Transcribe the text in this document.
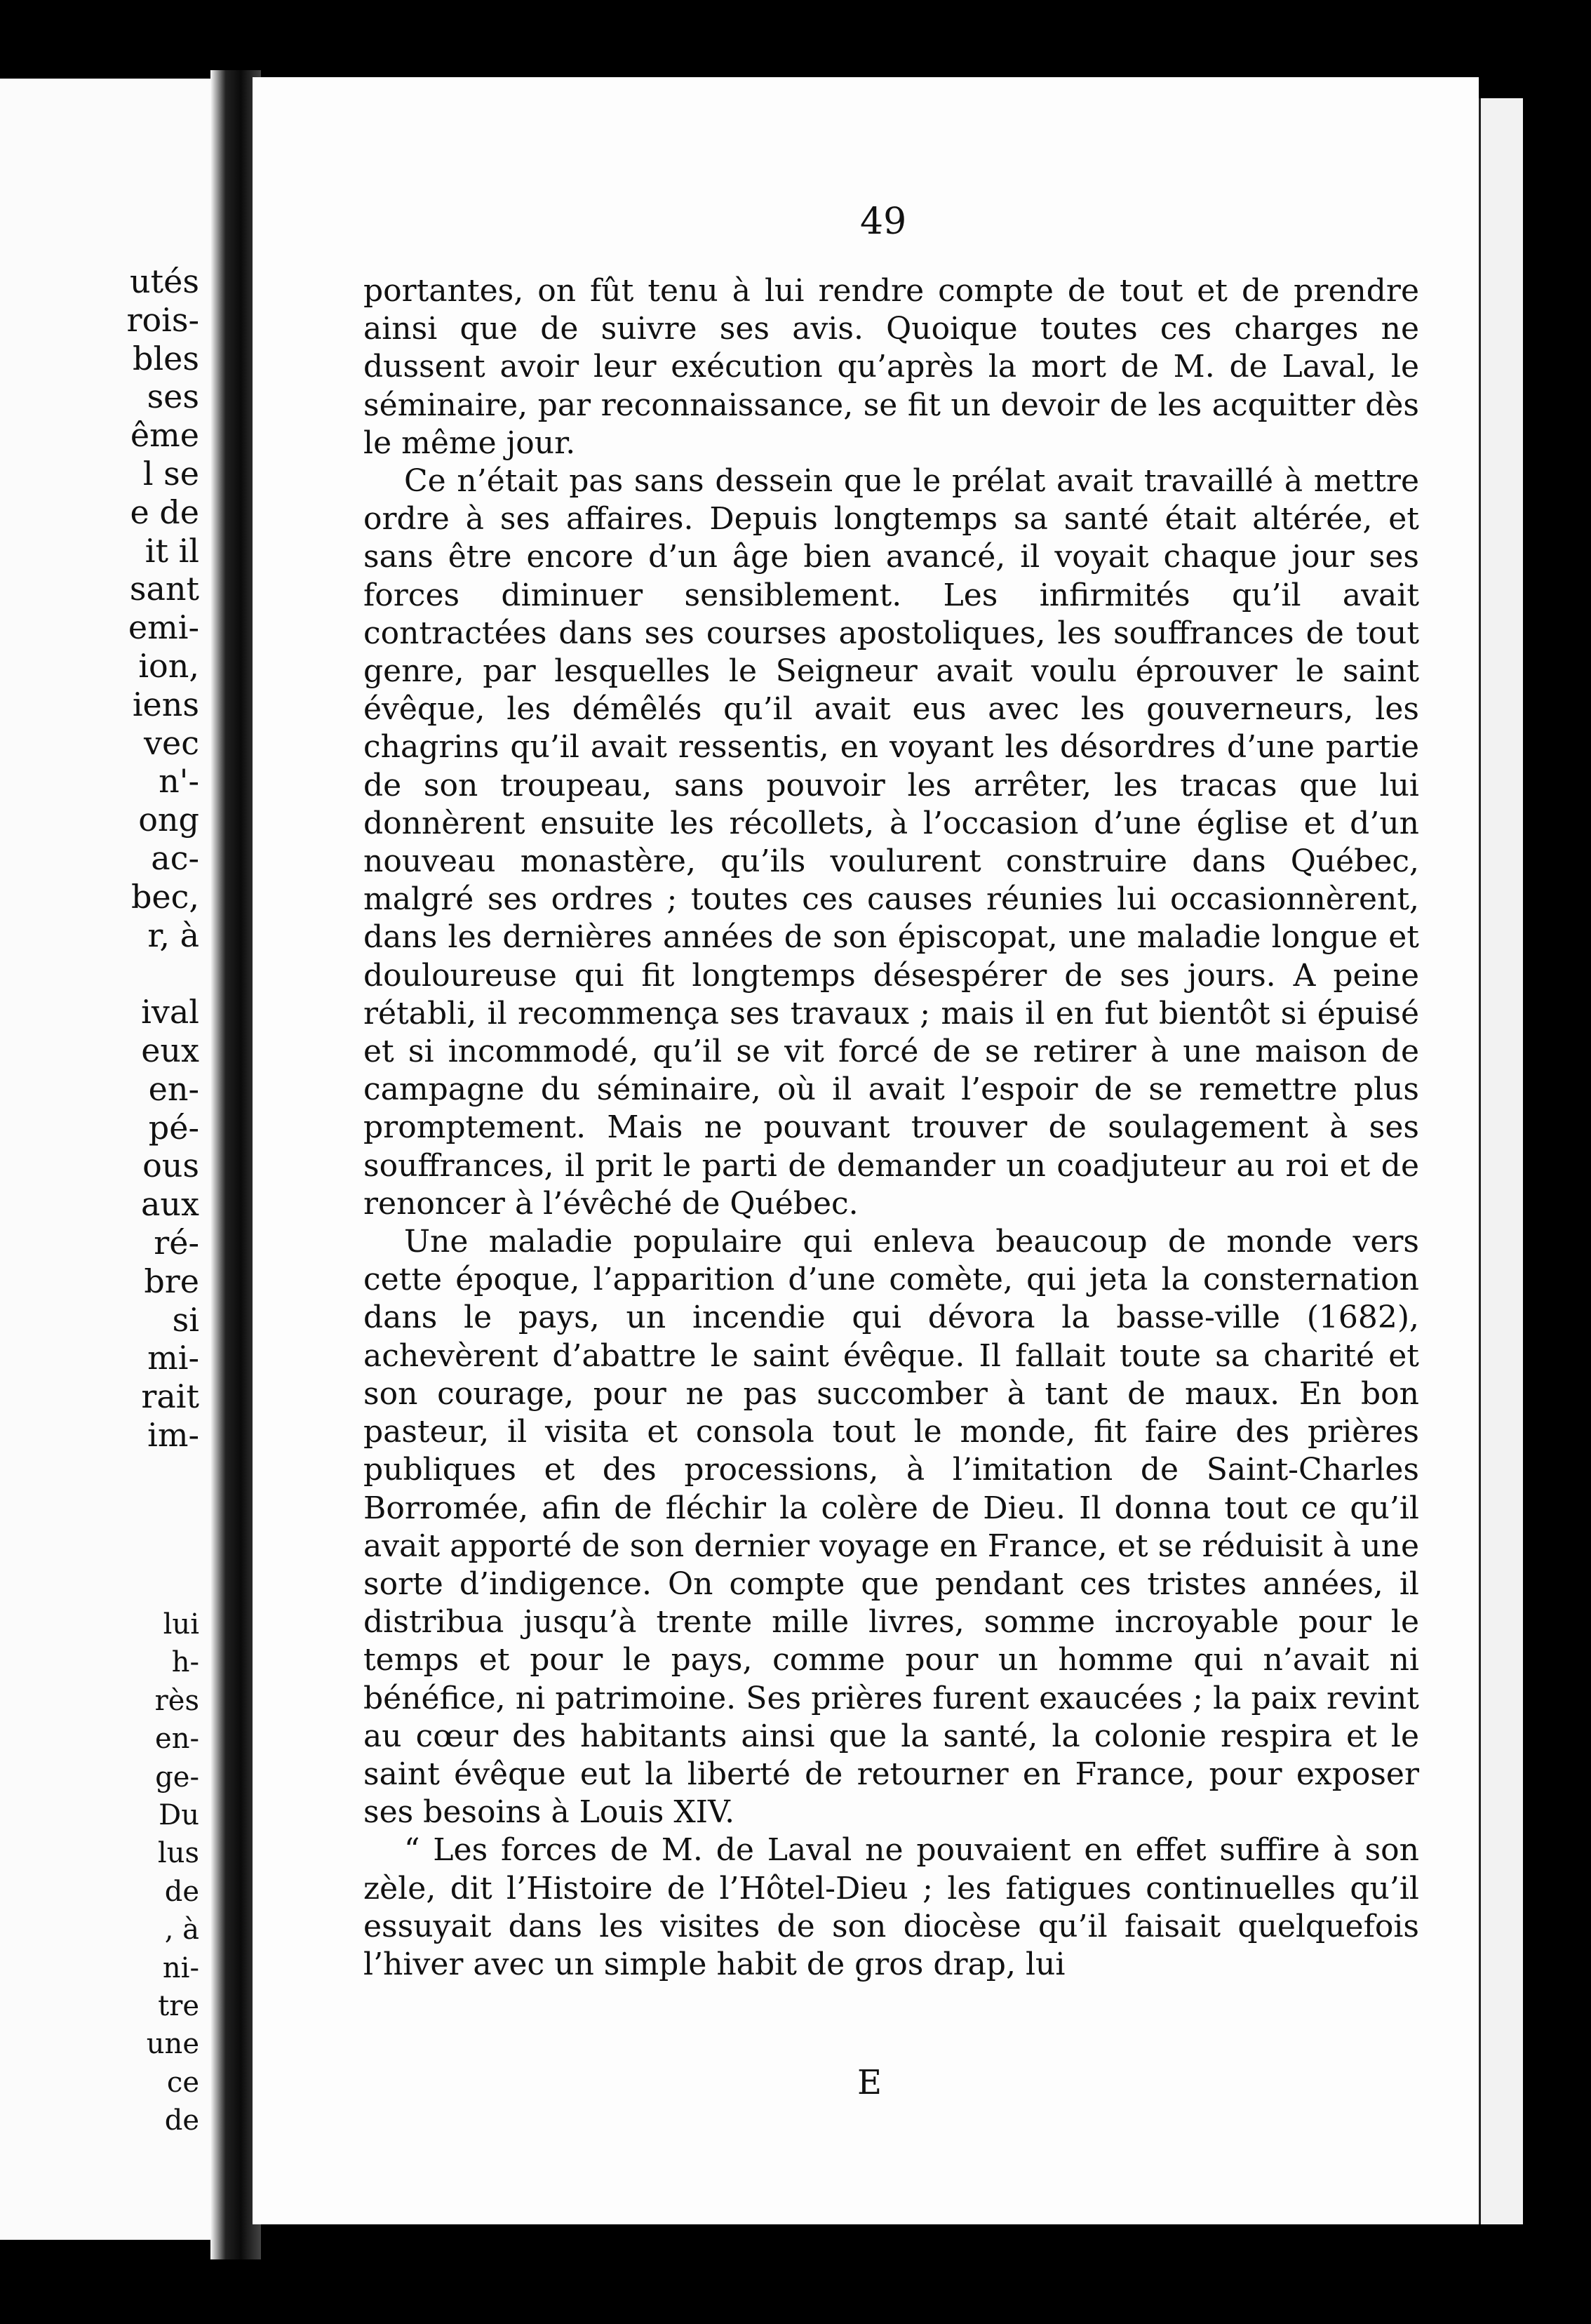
utés
rois-
bles
ses
ême
l se
e de
it il
sant
emi-
ion,
iens
vec
n'-
ong
ac-
bec,
r, à

ival
eux
en-
pé-
ous
aux
ré-
bre
si
mi-
rait
im-
lui
h-
rès
en-
ge-
Du
lus
de
, à
ni-
tre
une
ce
de
49

portantes, on fût tenu à lui rendre compte de tout et de prendre ainsi que de suivre ses avis. Quoique toutes ces charges ne dussent avoir leur exécution qu’après la mort de M. de Laval, le séminaire, par reconnaissance, se fit un devoir de les acquitter dès le même jour.

Ce n’était pas sans dessein que le prélat avait travaillé à mettre ordre à ses affaires. Depuis longtemps sa santé était altérée, et sans être encore d’un âge bien avancé, il voyait chaque jour ses forces diminuer sensiblement. Les infirmités qu’il avait contractées dans ses courses apostoliques, les souffrances de tout genre, par lesquelles le Seigneur avait voulu éprouver le saint évêque, les démêlés qu’il avait eus avec les gouverneurs, les chagrins qu’il avait ressentis, en voyant les désordres d’une partie de son troupeau, sans pouvoir les arrêter, les tracas que lui donnèrent ensuite les récollets, à l’occasion d’une église et d’un nouveau monastère, qu’ils voulurent construire dans Québec, malgré ses ordres ; toutes ces causes réunies lui occasionnèrent, dans les dernières années de son épiscopat, une maladie longue et douloureuse qui fit longtemps désespérer de ses jours. A peine rétabli, il recommença ses travaux ; mais il en fut bientôt si épuisé et si incommodé, qu’il se vit forcé de se retirer à une maison de campagne du séminaire, où il avait l’espoir de se remettre plus promptement. Mais ne pouvant trouver de soulagement à ses souffrances, il prit le parti de demander un coadjuteur au roi et de renoncer à l’évêché de Québec.

Une maladie populaire qui enleva beaucoup de monde vers cette époque, l’apparition d’une comète, qui jeta la consternation dans le pays, un incendie qui dévora la basse-ville (1682), achevèrent d’abattre le saint évêque. Il fallait toute sa charité et son courage, pour ne pas succomber à tant de maux. En bon pasteur, il visita et consola tout le monde, fit faire des prières publiques et des processions, à l’imitation de Saint-Charles Borromée, afin de fléchir la colère de Dieu. Il donna tout ce qu’il avait apporté de son dernier voyage en France, et se réduisit à une sorte d’indigence. On compte que pendant ces tristes années, il distribua jusqu’à trente mille livres, somme incroyable pour le temps et pour le pays, comme pour un homme qui n’avait ni bénéfice, ni patrimoine. Ses prières furent exaucées ; la paix revint au cœur des habitants ainsi que la santé, la colonie respira et le saint évêque eut la liberté de retourner en France, pour exposer ses besoins à Louis XIV.

“ Les forces de M. de Laval ne pouvaient en effet suffire à son zèle, dit l’Histoire de l’Hôtel-Dieu ; les fatigues continuelles qu’il essuyait dans les visites de son diocèse qu’il faisait quelquefois l’hiver avec un simple habit de gros drap, lui

E
